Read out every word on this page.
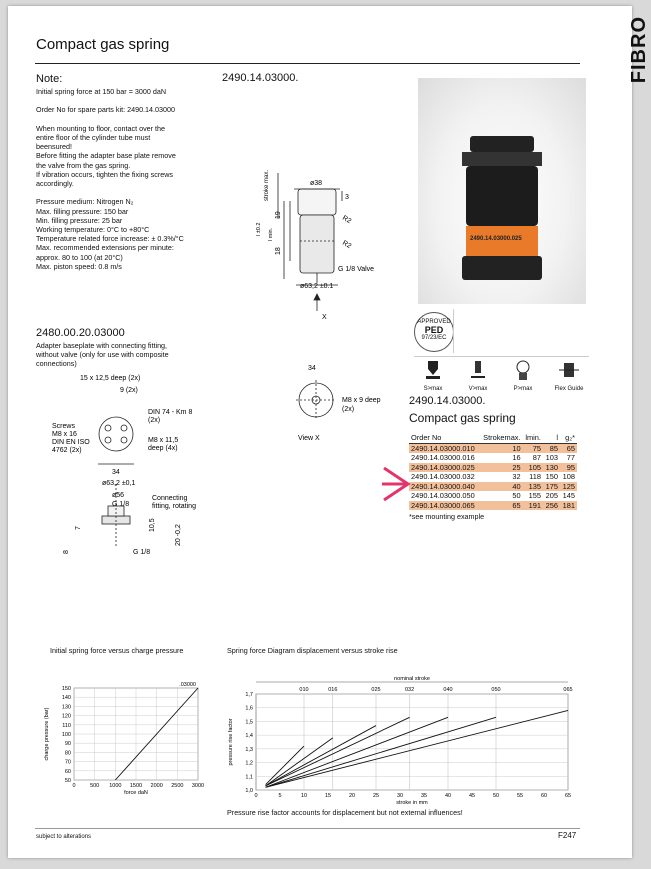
FIBRO
Compact gas spring
Note:
Initial spring force at 150 bar = 3000 daN

Order No for spare parts kit: 2490.14.03000

When mounting to floor, contact over the
entire floor of the cylinder tube must
beensured!
Before fitting the adapter base plate remove
the valve from the gas spring.
If vibration occurs, tighten the fixing screws
accordingly.

Pressure medium: Nitrogen N₂
Max. filling pressure: 150 bar
Min. filling pressure: 25 bar
Working temperature: 0°C to +80°C
Temperature related force increase: ± 0.3%/°C
Max. recommended extensions per minute:
approx. 80 to 100 (at 20°C)
Max. piston speed: 0.8 m/s
2490.14.03000.
stroke max.	ø38
3
R2
R2
19
18
l min.
l ±0.2
G 1/8 Valve
ø63,2 ±0.1
X
2490.14.03000.025
APPROVED
PED
97/23/EC
S>max	V>max	P>max	Flex Guide
2490.14.03000.
Compact gas spring
Order No	Strokemax.	lmin.	l	g₂*
2490.14.03000.010	10	75	85	65
2490.14.03000.016	16	87	103	77
2490.14.03000.025	25	105	130	95
2490.14.03000.032	32	118	150	108
2490.14.03000.040	40	135	175	125
2490.14.03000.050	50	155	205	145
2490.14.03000.065	65	191	256	181
*see mounting example
2480.00.20.03000
Adapter baseplate with connecting fitting,
without valve (only for use with composite
connections)
15 x 12,5 deep (2x)
9 (2x)
DIN 74 - Km 8
(2x)
M8 x 11,5
deep (4x)
Screws
M8 x 16
DIN EN ISO
4762 (2x)
34
ø63,2 ±0,1
ø56
G 1/8
Connecting
fitting, rotating
7
8
10,5	20 -0,2
G 1/8
34
M8 x 9 deep
(2x)
View X
Initial spring force versus charge pressure
50
60
70
80
90
100
110
120
130
140
150
0	500 1000 1500 2000 2500 3000
.03000
force daN
charge pressure (bar)
Spring force Diagram displacement versus stroke rise
1,0
1,1
1,2
1,3
1,4
1,5
1,6
1,7
0	5	10	15	20	25	30	35	40	45	50	55	60	65
010	016	025	032	040	050	065
nominal stroke
stroke in mm
pressure rise factor
Pressure rise factor accounts for displacement but not external influences!
subject to alterations	F247
